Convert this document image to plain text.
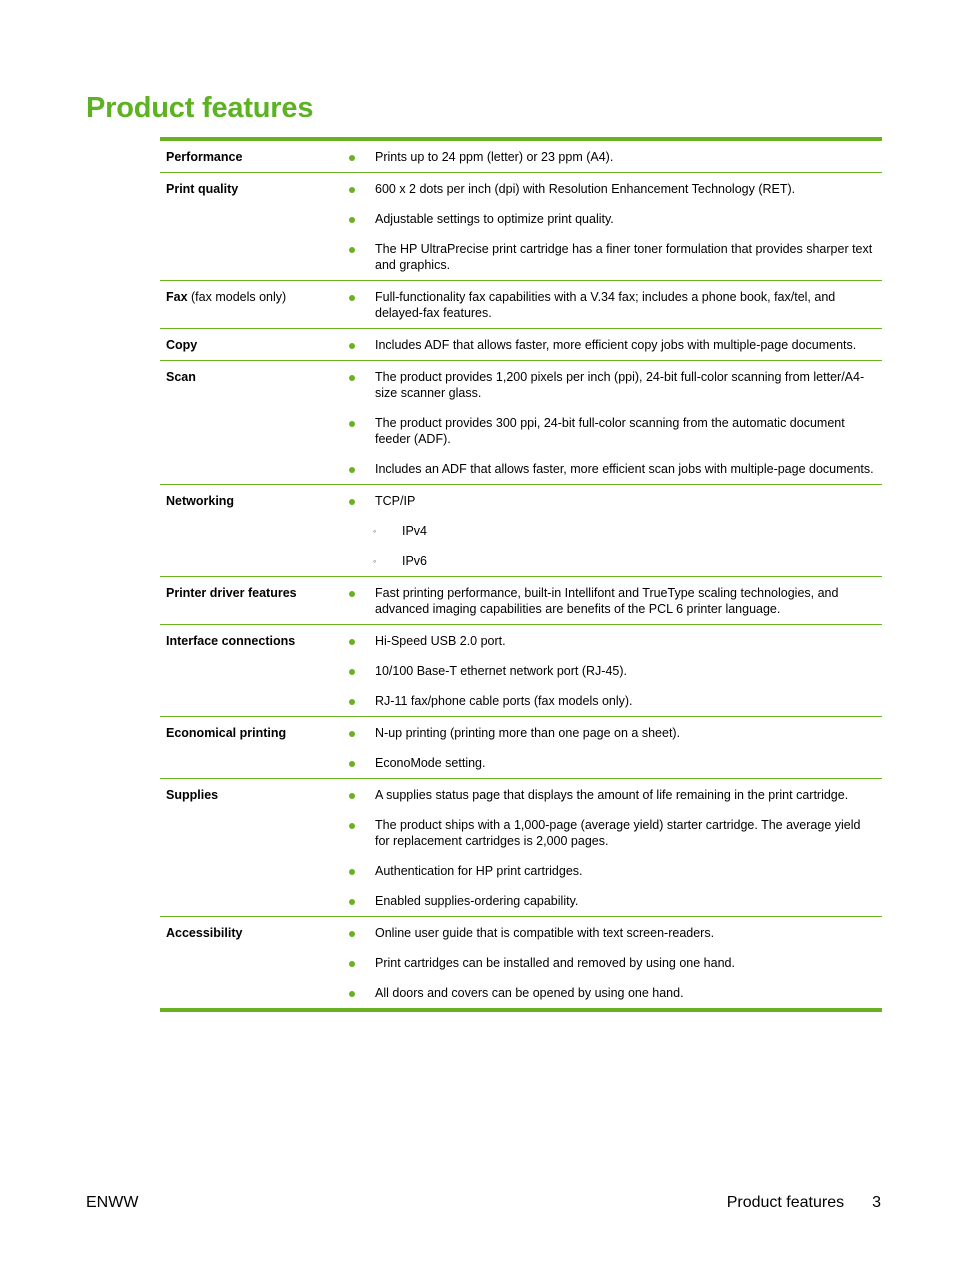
Product features
Performance	Prints up to 24 ppm (letter) or 23 ppm (A4).
Print quality	600 x 2 dots per inch (dpi) with Resolution Enhancement Technology (RET).
Adjustable settings to optimize print quality.
The HP UltraPrecise print cartridge has a finer toner formulation that provides sharper text and graphics.
Fax (fax models only)	Full-functionality fax capabilities with a V.34 fax; includes a phone book, fax/tel, and delayed-fax features.
Copy	Includes ADF that allows faster, more efficient copy jobs with multiple-page documents.
Scan	The product provides 1,200 pixels per inch (ppi), 24-bit full-color scanning from letter/A4-size scanner glass.
The product provides 300 ppi, 24-bit full-color scanning from the automatic document feeder (ADF).
Includes an ADF that allows faster, more efficient scan jobs with multiple-page documents.
Networking	TCP/IP
◦	IPv4
◦	IPv6
Printer driver features	Fast printing performance, built-in Intellifont and TrueType scaling technologies, and advanced imaging capabilities are benefits of the PCL 6 printer language.
Interface connections	Hi-Speed USB 2.0 port.
10/100 Base-T ethernet network port (RJ-45).
RJ-11 fax/phone cable ports (fax models only).
Economical printing	N-up printing (printing more than one page on a sheet).
EconoMode setting.
Supplies	A supplies status page that displays the amount of life remaining in the print cartridge.
The product ships with a 1,000-page (average yield) starter cartridge. The average yield for replacement cartridges is 2,000 pages.
Authentication for HP print cartridges.
Enabled supplies-ordering capability.
Accessibility	Online user guide that is compatible with text screen-readers.
Print cartridges can be installed and removed by using one hand.
All doors and covers can be opened by using one hand.
ENWW	Product features 3
